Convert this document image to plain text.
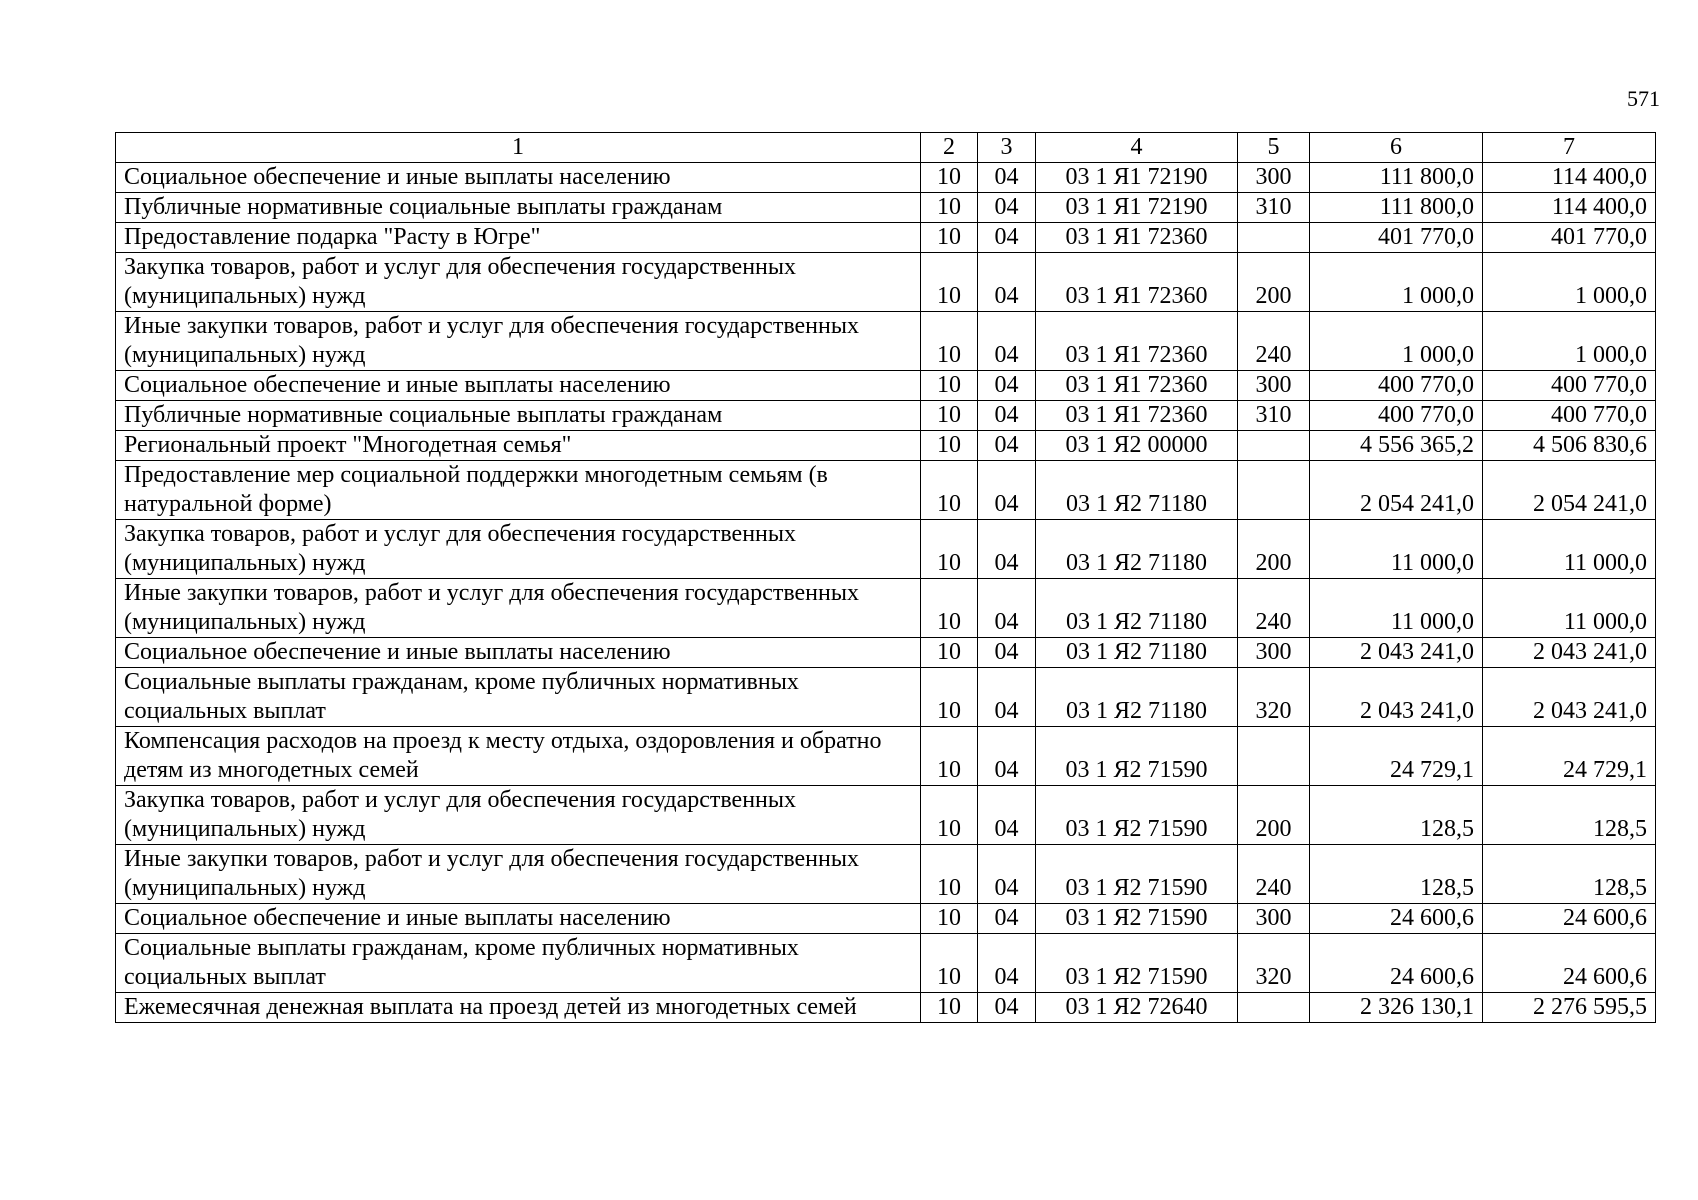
571
1	2	3	4	5	6	7
Социальное обеспечение и иные выплаты населению	10	04	03 1 Я1 72190	300	111 800,0	114 400,0
Публичные нормативные социальные выплаты гражданам	10	04	03 1 Я1 72190	310	111 800,0	114 400,0
Предоставление подарка "Расту в Югре"	10	04	03 1 Я1 72360		401 770,0	401 770,0
Закупка товаров, работ и услуг для обеспечения государственных (муниципальных) нужд	10	04	03 1 Я1 72360	200	1 000,0	1 000,0
Иные закупки товаров, работ и услуг для обеспечения государственных (муниципальных) нужд	10	04	03 1 Я1 72360	240	1 000,0	1 000,0
Социальное обеспечение и иные выплаты населению	10	04	03 1 Я1 72360	300	400 770,0	400 770,0
Публичные нормативные социальные выплаты гражданам	10	04	03 1 Я1 72360	310	400 770,0	400 770,0
Региональный проект "Многодетная семья"	10	04	03 1 Я2 00000		4 556 365,2	4 506 830,6
Предоставление мер социальной поддержки многодетным семьям (в натуральной форме)	10	04	03 1 Я2 71180		2 054 241,0	2 054 241,0
Закупка товаров, работ и услуг для обеспечения государственных (муниципальных) нужд	10	04	03 1 Я2 71180	200	11 000,0	11 000,0
Иные закупки товаров, работ и услуг для обеспечения государственных (муниципальных) нужд	10	04	03 1 Я2 71180	240	11 000,0	11 000,0
Социальное обеспечение и иные выплаты населению	10	04	03 1 Я2 71180	300	2 043 241,0	2 043 241,0
Социальные выплаты гражданам, кроме публичных нормативных социальных выплат	10	04	03 1 Я2 71180	320	2 043 241,0	2 043 241,0
Компенсация расходов на проезд к месту отдыха, оздоровления и обратно детям из многодетных семей	10	04	03 1 Я2 71590		24 729,1	24 729,1
Закупка товаров, работ и услуг для обеспечения государственных (муниципальных) нужд	10	04	03 1 Я2 71590	200	128,5	128,5
Иные закупки товаров, работ и услуг для обеспечения государственных (муниципальных) нужд	10	04	03 1 Я2 71590	240	128,5	128,5
Социальное обеспечение и иные выплаты населению	10	04	03 1 Я2 71590	300	24 600,6	24 600,6
Социальные выплаты гражданам, кроме публичных нормативных социальных выплат	10	04	03 1 Я2 71590	320	24 600,6	24 600,6
Ежемесячная денежная выплата на проезд детей из многодетных семей	10	04	03 1 Я2 72640		2 326 130,1	2 276 595,5
